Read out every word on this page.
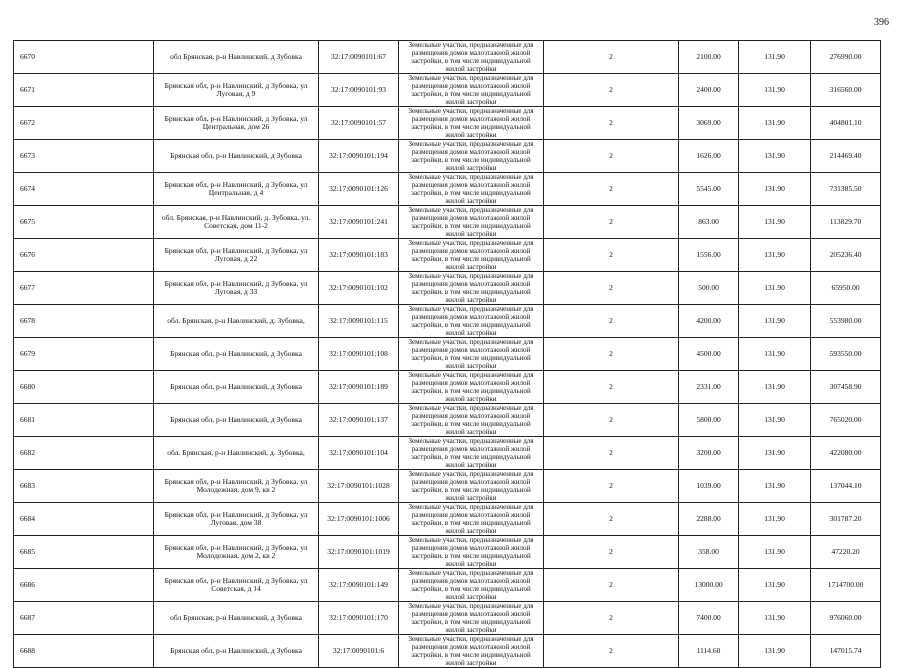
396
6670	обл Брянская, р-н Навлинский, д Зубовка	32:17:0090101:67	Земельные участки, предназначенные для размещения домов малоэтажной жилой застройки, в том числе индивидуальной жилой застройки	2	2100.00	131.90	276990.00
6671	Брянская обл, р-н Навлинский, д Зубовка, ул Луговая, д 9	32:17:0090101:93	Земельные участки, предназначенные для размещения домов малоэтажной жилой застройки, в том числе индивидуальной жилой застройки	2	2400.00	131.90	316560.00
6672	Брянская обл, р-н Навлинский, д Зубовка, ул Центральная, дом 26	32:17:0090101:57	Земельные участки, предназначенные для размещения домов малоэтажной жилой застройки, в том числе индивидуальной жилой застройки	2	3069.00	131.90	404801.10
6673	Брянская обл, р-н Навлинский, д Зубовка	32:17:0090101:194	Земельные участки, предназначенные для размещения домов малоэтажной жилой застройки, в том числе индивидуальной жилой застройки	2	1626.00	131.90	214469.40
6674	Брянская обл, р-н Навлинский, д Зубовка, ул Центральная, д 4	32:17:0090101:126	Земельные участки, предназначенные для размещения домов малоэтажной жилой застройки, в том числе индивидуальной жилой застройки	2	5545.00	131.90	731385.50
6675	обл. Брянская, р-н Навлинский, д. Зубовка, ул. Советская, дом 11-2	32:17:0090101:241	Земельные участки, предназначенные для размещения домов малоэтажной жилой застройки, в том числе индивидуальной жилой застройки	2	863.00	131.90	113829.70
6676	Брянская обл, р-н Навлинский, д Зубовка, ул Луговая, д 22	32:17:0090101:183	Земельные участки, предназначенные для размещения домов малоэтажной жилой застройки, в том числе индивидуальной жилой застройки	2	1556.00	131.90	205236.40
6677	Брянская обл, р-н Навлинский, д Зубовка, ул Луговая, д 33	32:17:0090101:102	Земельные участки, предназначенные для размещения домов малоэтажной жилой застройки, в том числе индивидуальной жилой застройки	2	500.00	131.90	65950.00
6678	обл. Брянская, р-н Навлинский, д. Зубовка,	32:17:0090101:115	Земельные участки, предназначенные для размещения домов малоэтажной жилой застройки, в том числе индивидуальной жилой застройки	2	4200.00	131.90	553980.00
6679	Брянская обл, р-н Навлинский, д Зубовка	32:17:0090101:108	Земельные участки, предназначенные для размещения домов малоэтажной жилой застройки, в том числе индивидуальной жилой застройки	2	4500.00	131.90	593550.00
6680	Брянская обл, р-н Навлинский, д Зубовка	32:17:0090101:189	Земельные участки, предназначенные для размещения домов малоэтажной жилой застройки, в том числе индивидуальной жилой застройки	2	2331.00	131.90	307458.90
6681	Брянская обл, р-н Навлинский, д Зубовка	32:17:0090101:137	Земельные участки, предназначенные для размещения домов малоэтажной жилой застройки, в том числе индивидуальной жилой застройки	2	5800.00	131.90	765020.00
6682	обл. Брянская, р-н Навлинский, д. Зубовка,	32:17:0090101:104	Земельные участки, предназначенные для размещения домов малоэтажной жилой застройки, в том числе индивидуальной жилой застройки	2	3200.00	131.90	422080.00
6683	Брянская обл, р-н Навлинский, д Зубовка, ул Молодежная, дом 9, кв 2	32:17:0090101:1028	Земельные участки, предназначенные для размещения домов малоэтажной жилой застройки, в том числе индивидуальной жилой застройки	2	1039.00	131.90	137044.10
6684	Брянская обл, р-н Навлинский, д Зубовка, ул Луговая, дом 38	32:17:0090101:1006	Земельные участки, предназначенные для размещения домов малоэтажной жилой застройки, в том числе индивидуальной жилой застройки	2	2288.00	131.90	301787.20
6685	Брянская обл, р-н Навлинский, д Зубовка, ул Молодежная, дом 2, кв 2	32:17:0090101:1019	Земельные участки, предназначенные для размещения домов малоэтажной жилой застройки, в том числе индивидуальной жилой застройки	2	358.00	131.90	47220.20
6686	Брянская обл, р-н Навлинский, д Зубовка, ул Советская, д 14	32:17:0090101:149	Земельные участки, предназначенные для размещения домов малоэтажной жилой застройки, в том числе индивидуальной жилой застройки	2	13000.00	131.90	1714700.00
6687	обл Брянская, р-н Навлинский, д Зубовка	32:17:0090101:170	Земельные участки, предназначенные для размещения домов малоэтажной жилой застройки, в том числе индивидуальной жилой застройки	2	7400.00	131.90	976060.00
6688	Брянская обл, р-н Навлинский, д Зубовка	32:17:0090101:6	Земельные участки, предназначенные для размещения домов малоэтажной жилой застройки, в том числе индивидуальной жилой застройки	2	1114.60	131.90	147015.74
